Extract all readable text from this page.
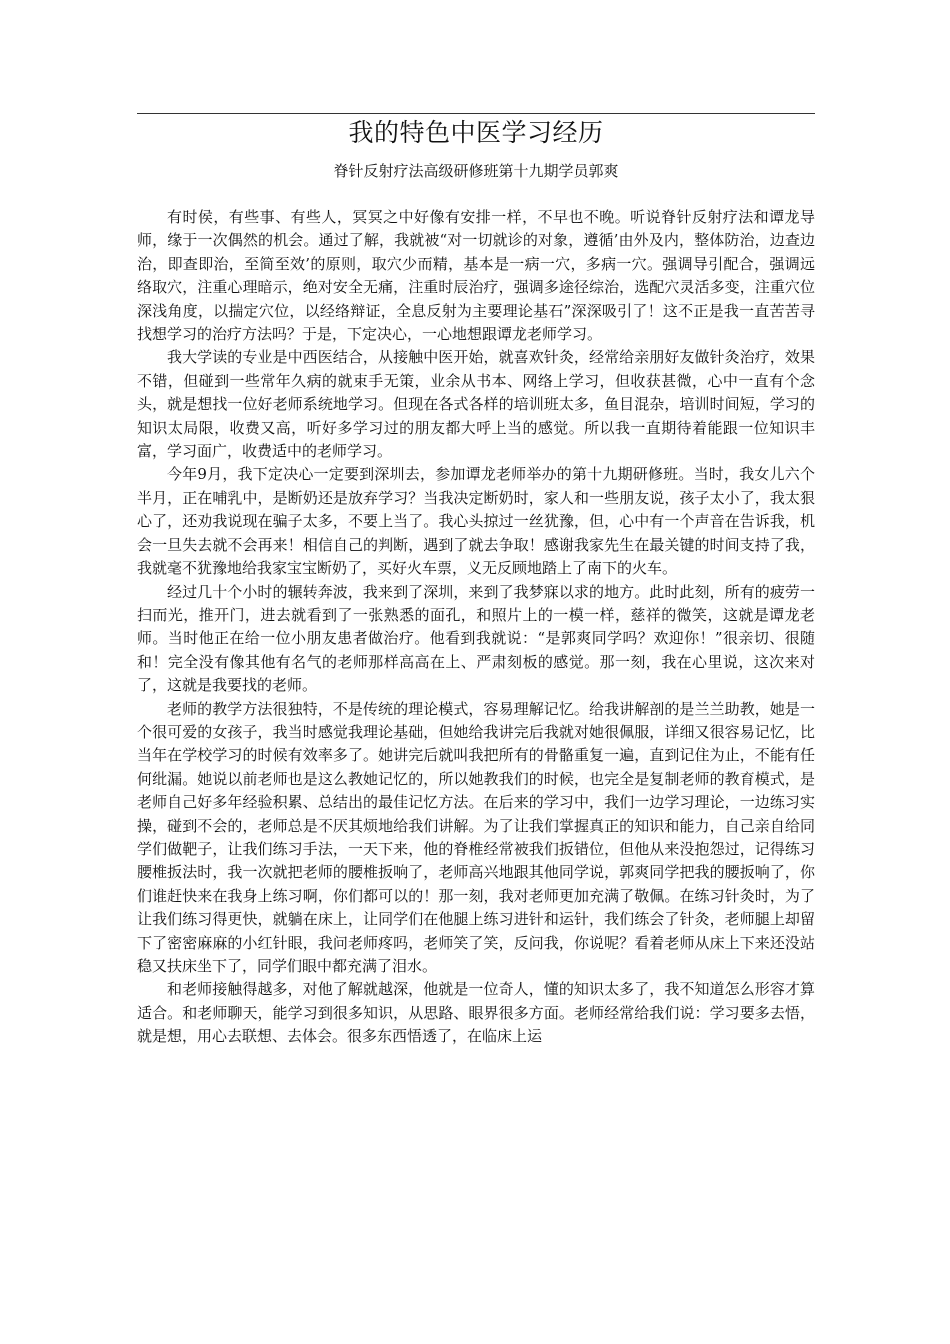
我的特色中医学习经历
脊针反射疗法高级研修班第十九期学员郭爽

有时侯，有些事、有些人，冥冥之中好像有安排一样，不早也不晚。听说脊针反射疗法和谭龙导师，缘于一次偶然的机会。通过了解，我就被“对一切就诊的对象，遵循’由外及内，整体防治，边查边治，即查即治，至简至效’的原则，取穴少而精，基本是一病一穴，多病一穴。强调导引配合，强调远络取穴，注重心理暗示，绝对安全无痛，注重时辰治疗，强调多途径综治，选配穴灵活多变，注重穴位深浅角度，以揣定穴位，以经络辩证，全息反射为主要理论基石”深深吸引了！这不正是我一直苦苦寻找想学习的治疗方法吗？于是，下定决心，一心地想跟谭龙老师学习。

我大学读的专业是中西医结合，从接触中医开始，就喜欢针灸，经常给亲朋好友做针灸治疗，效果不错，但碰到一些常年久病的就束手无策，业余从书本、网络上学习，但收获甚微，心中一直有个念头，就是想找一位好老师系统地学习。但现在各式各样的培训班太多，鱼目混杂，培训时间短，学习的知识太局限，收费又高，听好多学习过的朋友都大呼上当的感觉。所以我一直期待着能跟一位知识丰富，学习面广，收费适中的老师学习。

今年9月，我下定决心一定要到深圳去，参加谭龙老师举办的第十九期研修班。当时，我女儿六个半月，正在哺乳中，是断奶还是放弃学习？当我决定断奶时，家人和一些朋友说，孩子太小了，我太狠心了，还劝我说现在骗子太多，不要上当了。我心头掠过一丝犹豫，但，心中有一个声音在告诉我，机会一旦失去就不会再来！相信自己的判断，遇到了就去争取！感谢我家先生在最关键的时间支持了我，我就毫不犹豫地给我家宝宝断奶了，买好火车票，义无反顾地踏上了南下的火车。

经过几十个小时的辗转奔波，我来到了深圳，来到了我梦寐以求的地方。此时此刻，所有的疲劳一扫而光，推开门，进去就看到了一张熟悉的面孔，和照片上的一模一样，慈祥的微笑，这就是谭龙老师。当时他正在给一位小朋友患者做治疗。他看到我就说：“是郭爽同学吗？欢迎你！”很亲切、很随和！完全没有像其他有名气的老师那样高高在上、严肃刻板的感觉。那一刻，我在心里说，这次来对了，这就是我要找的老师。

老师的教学方法很独特，不是传统的理论模式，容易理解记忆。给我讲解剖的是兰兰助教，她是一个很可爱的女孩子，我当时感觉我理论基础，但她给我讲完后我就对她很佩服，详细又很容易记忆，比当年在学校学习的时候有效率多了。她讲完后就叫我把所有的骨骼重复一遍，直到记住为止，不能有任何纰漏。她说以前老师也是这么教她记忆的，所以她教我们的时候，也完全是复制老师的教育模式，是老师自己好多年经验积累、总结出的最佳记忆方法。在后来的学习中，我们一边学习理论，一边练习实操，碰到不会的，老师总是不厌其烦地给我们讲解。为了让我们掌握真正的知识和能力，自己亲自给同学们做靶子，让我们练习手法，一天下来，他的脊椎经常被我们扳错位，但他从来没抱怨过，记得练习腰椎扳法时，我一次就把老师的腰椎扳响了，老师高兴地跟其他同学说，郭爽同学把我的腰扳响了，你们谁赶快来在我身上练习啊，你们都可以的！那一刻，我对老师更加充满了敬佩。在练习针灸时，为了让我们练习得更快，就躺在床上，让同学们在他腿上练习进针和运针，我们练会了针灸，老师腿上却留下了密密麻麻的小红针眼，我问老师疼吗，老师笑了笑，反问我，你说呢？看着老师从床上下来还没站稳又扶床坐下了，同学们眼中都充满了泪水。

和老师接触得越多，对他了解就越深，他就是一位奇人，懂的知识太多了，我不知道怎么形容才算适合。和老师聊天，能学习到很多知识，从思路、眼界很多方面。老师经常给我们说：学习要多去悟，就是想，用心去联想、去体会。很多东西悟透了，在临床上运
